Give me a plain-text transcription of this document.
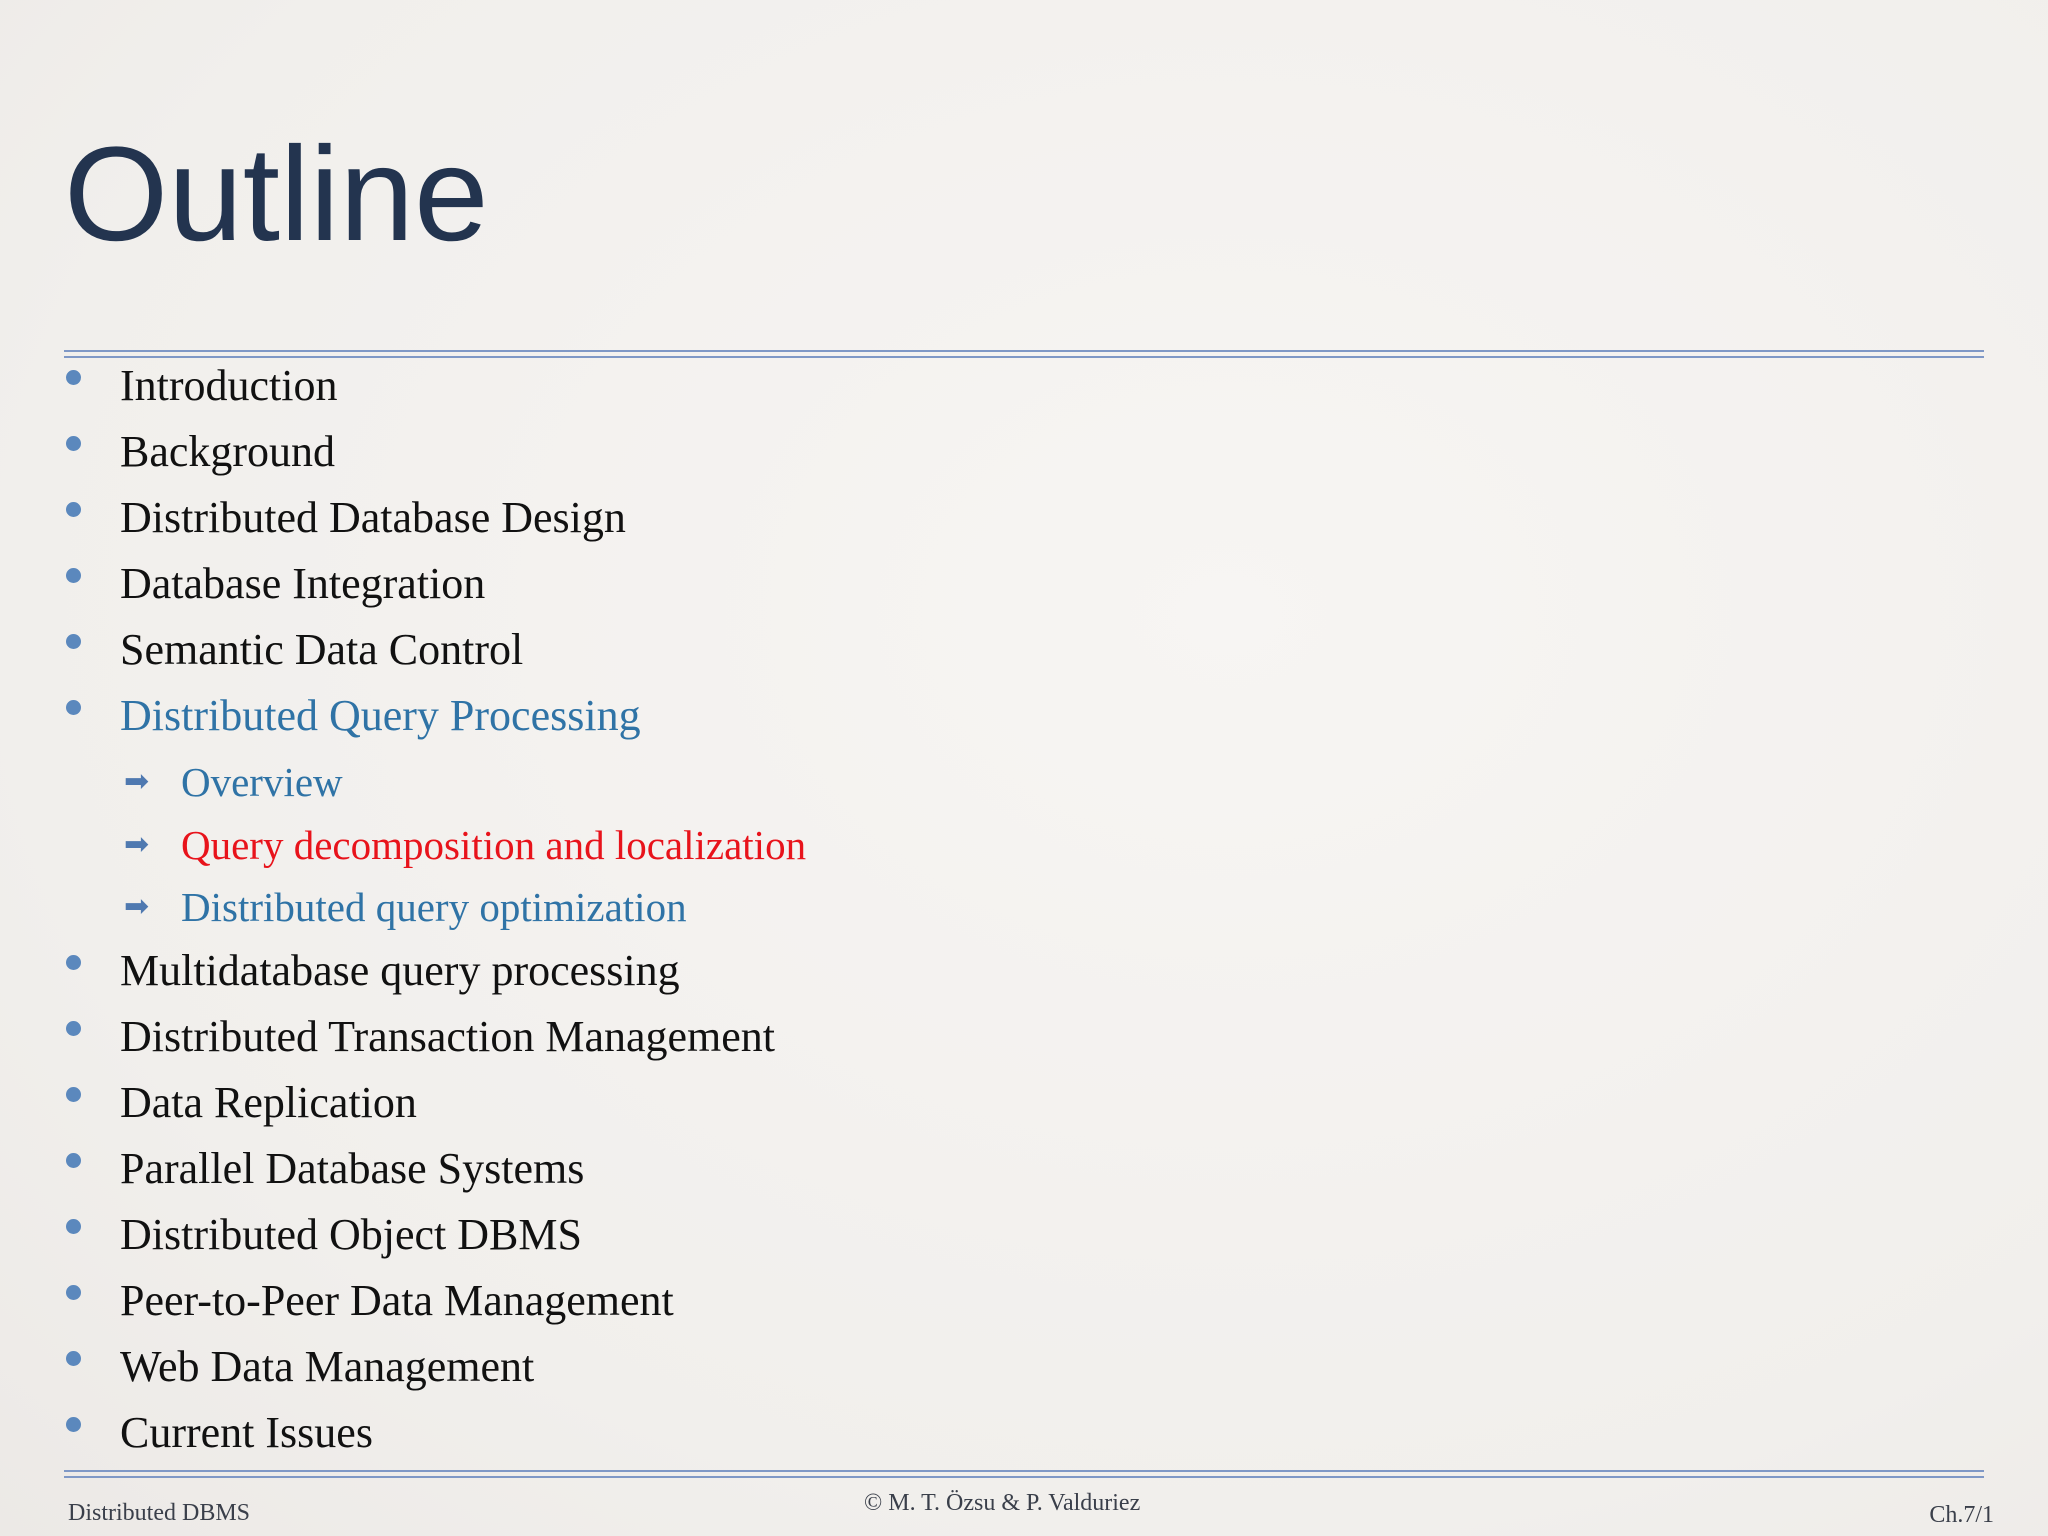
Outline
Introduction
Background
Distributed Database Design
Database Integration
Semantic Data Control
Distributed Query Processing
➡ Overview
➡ Query decomposition and localization
➡ Distributed query optimization
Multidatabase query processing
Distributed Transaction Management
Data Replication
Parallel Database Systems
Distributed Object DBMS
Peer-to-Peer Data Management
Web Data Management
Current Issues
Distributed DBMS	© M. T. Özsu & P. Valduriez	Ch.7/1
